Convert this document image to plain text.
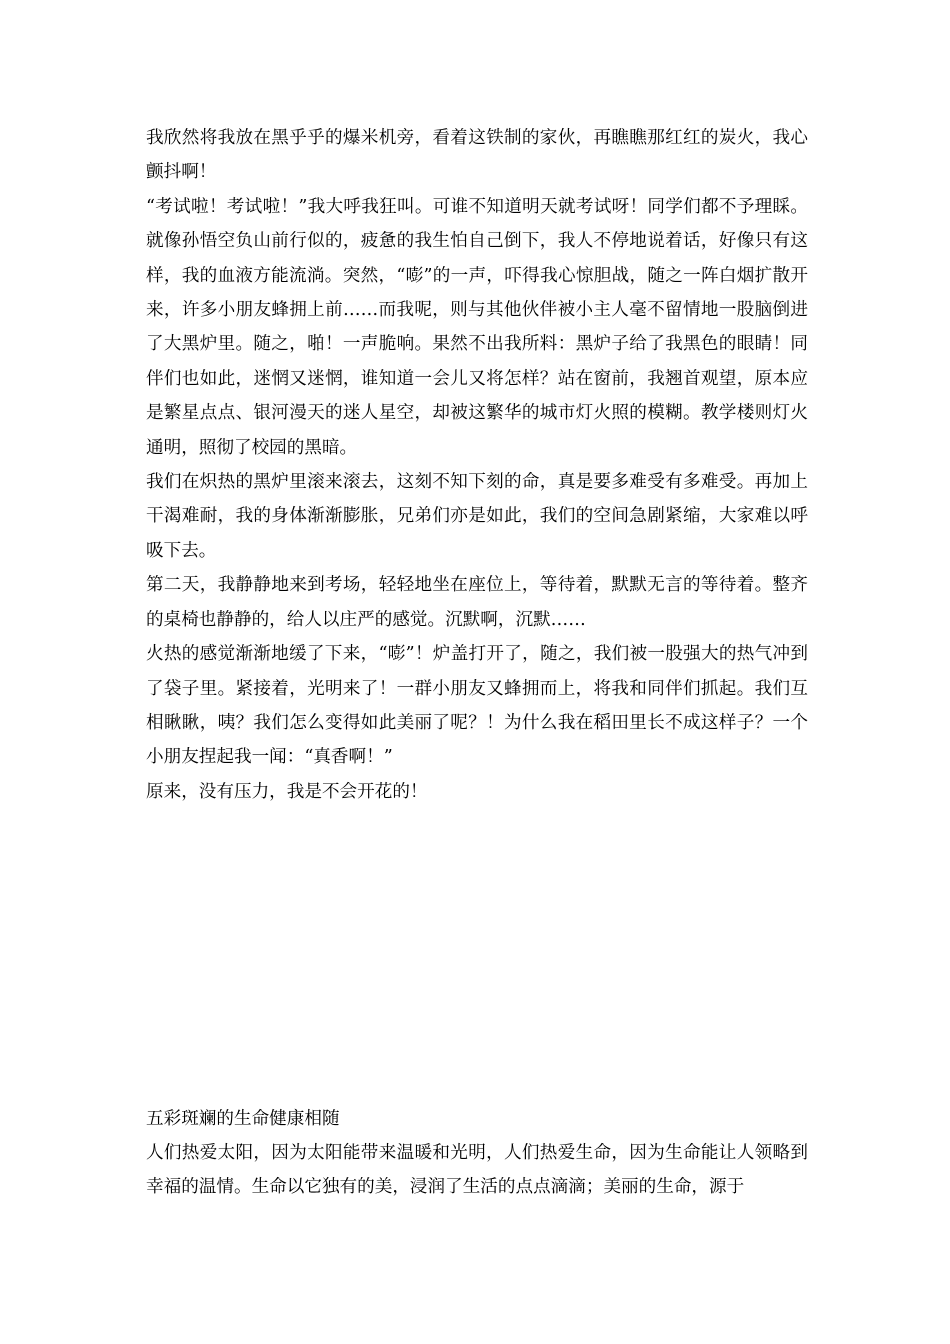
我欣然将我放在黑乎乎的爆米机旁，看着这铁制的家伙，再瞧瞧那红红的炭火，我心颤抖啊！

“考试啦！考试啦！”我大呼我狂叫。可谁不知道明天就考试呀！同学们都不予理睬。就像孙悟空负山前行似的，疲惫的我生怕自己倒下，我人不停地说着话，好像只有这样，我的血液方能流淌。突然，“嘭”的一声，吓得我心惊胆战，随之一阵白烟扩散开来，许多小朋友蜂拥上前……而我呢，则与其他伙伴被小主人毫不留情地一股脑倒进了大黑炉里。随之，啪！一声脆响。果然不出我所料：黑炉子给了我黑色的眼睛！同伴们也如此，迷惘又迷惘，谁知道一会儿又将怎样？站在窗前，我翘首观望，原本应是繁星点点、银河漫天的迷人星空，却被这繁华的城市灯火照的模糊。教学楼则灯火通明，照彻了校园的黑暗。

我们在炽热的黑炉里滚来滚去，这刻不知下刻的命，真是要多难受有多难受。再加上干渴难耐，我的身体渐渐膨胀，兄弟们亦是如此，我们的空间急剧紧缩，大家难以呼吸下去。

第二天，我静静地来到考场，轻轻地坐在座位上，等待着，默默无言的等待着。整齐的桌椅也静静的，给人以庄严的感觉。沉默啊，沉默……

火热的感觉渐渐地缓了下来，“嘭”！炉盖打开了，随之，我们被一股强大的热气冲到了袋子里。紧接着，光明来了！一群小朋友又蜂拥而上，将我和同伴们抓起。我们互相瞅瞅，咦？我们怎么变得如此美丽了呢？！为什么我在稻田里长不成这样子？一个小朋友捏起我一闻：“真香啊！”

原来，没有压力，我是不会开花的！

五彩斑斓的生命健康相随

人们热爱太阳，因为太阳能带来温暖和光明，人们热爱生命，因为生命能让人领略到幸福的温情。生命以它独有的美，浸润了生活的点点滴滴；美丽的生命，源于
